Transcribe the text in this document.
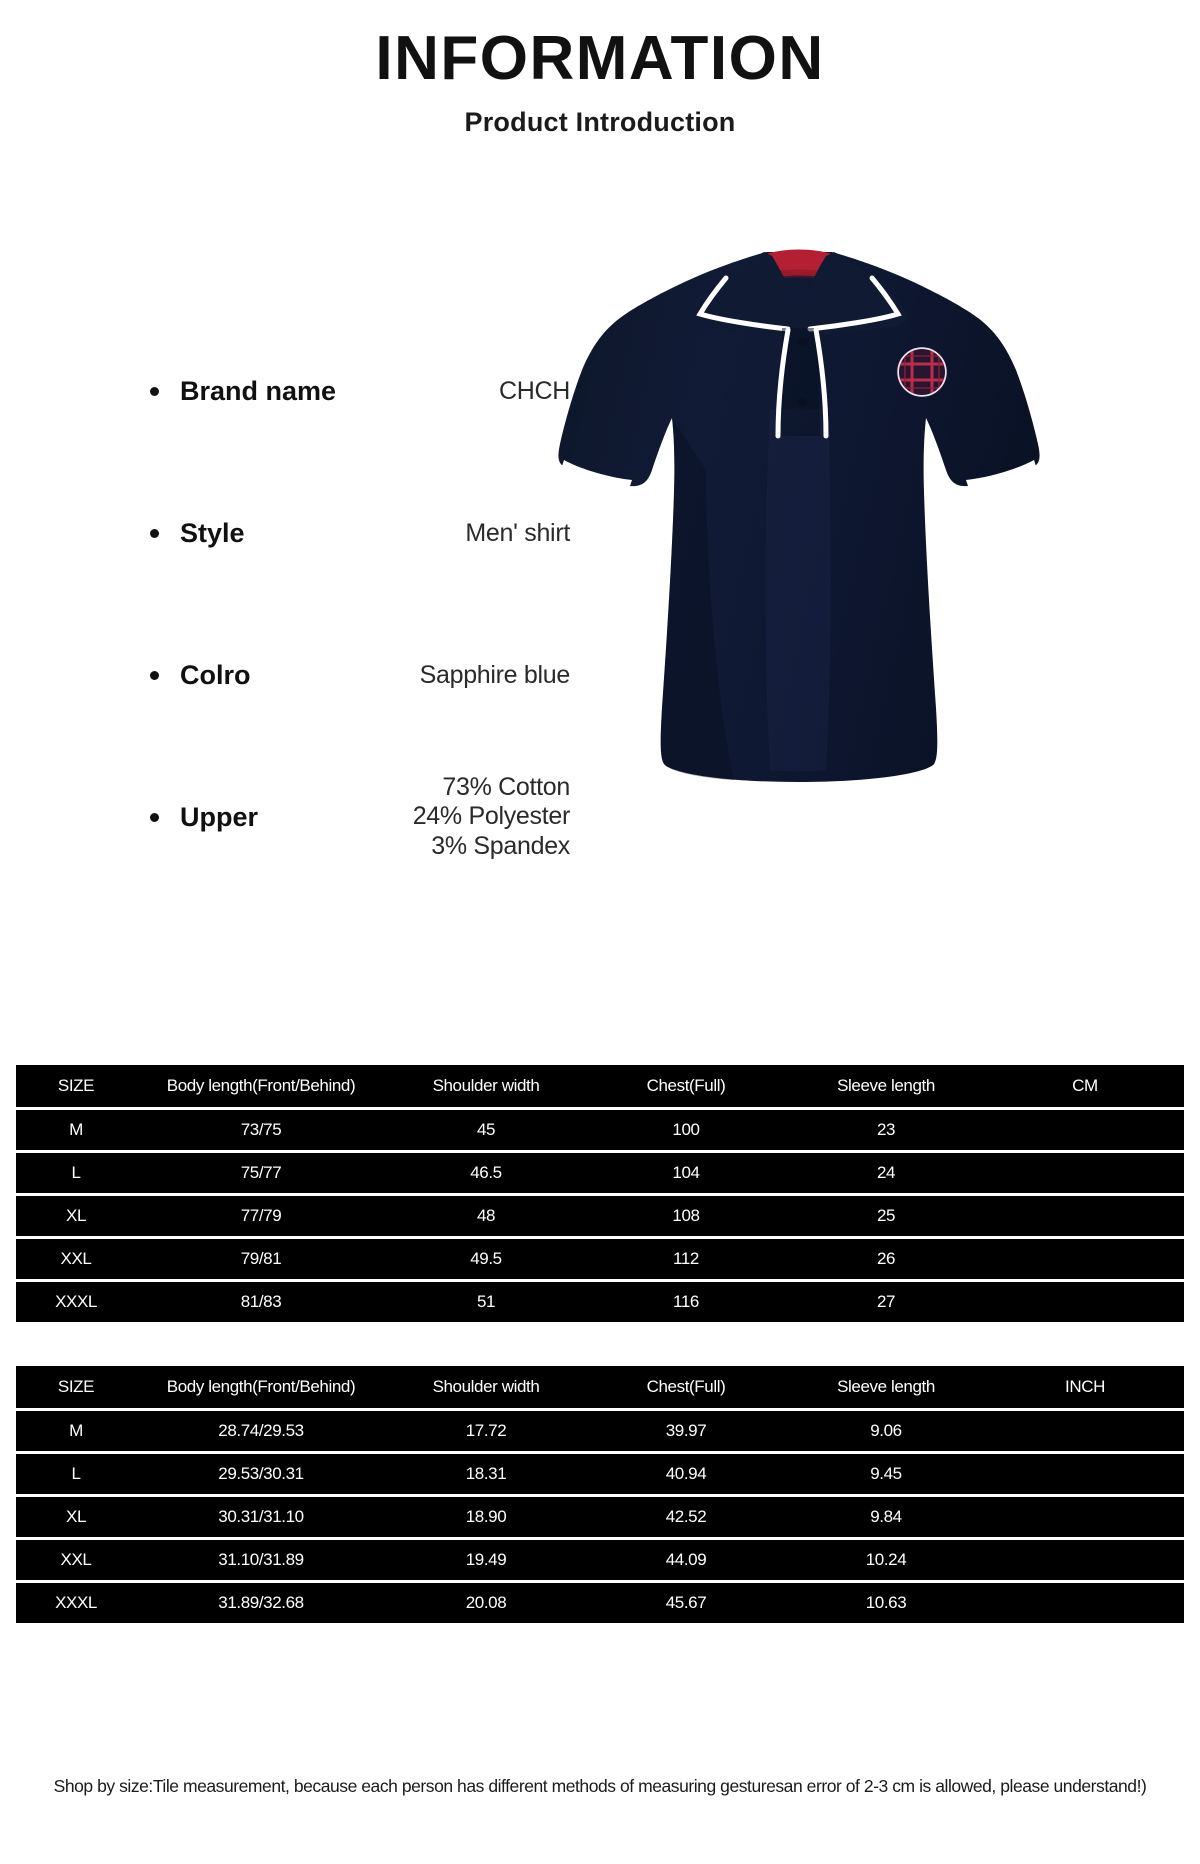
INFORMATION
Product Introduction
Brand name	CHCH
Style	Men' shirt
Colro	Sapphire blue
Upper
73% Cotton
24% Polyester
3% Spandex
SIZE	Body length(Front/Behind)	Shoulder width	Chest(Full)	Sleeve length	CM
M	73/75	45	100	23	
L	75/77	46.5	104	24	
XL	77/79	48	108	25	
XXL	79/81	49.5	112	26	
XXXL	81/83	51	116	27	
SIZE	Body length(Front/Behind)	Shoulder width	Chest(Full)	Sleeve length	INCH
M	28.74/29.53	17.72	39.97	9.06	
L	29.53/30.31	18.31	40.94	9.45	
XL	30.31/31.10	18.90	42.52	9.84	
XXL	31.10/31.89	19.49	44.09	10.24	
XXXL	31.89/32.68	20.08	45.67	10.63	
Shop by size:Tile measurement, because each person has different methods of measuring gesturesan error of 2-3 cm is allowed, please understand!)
